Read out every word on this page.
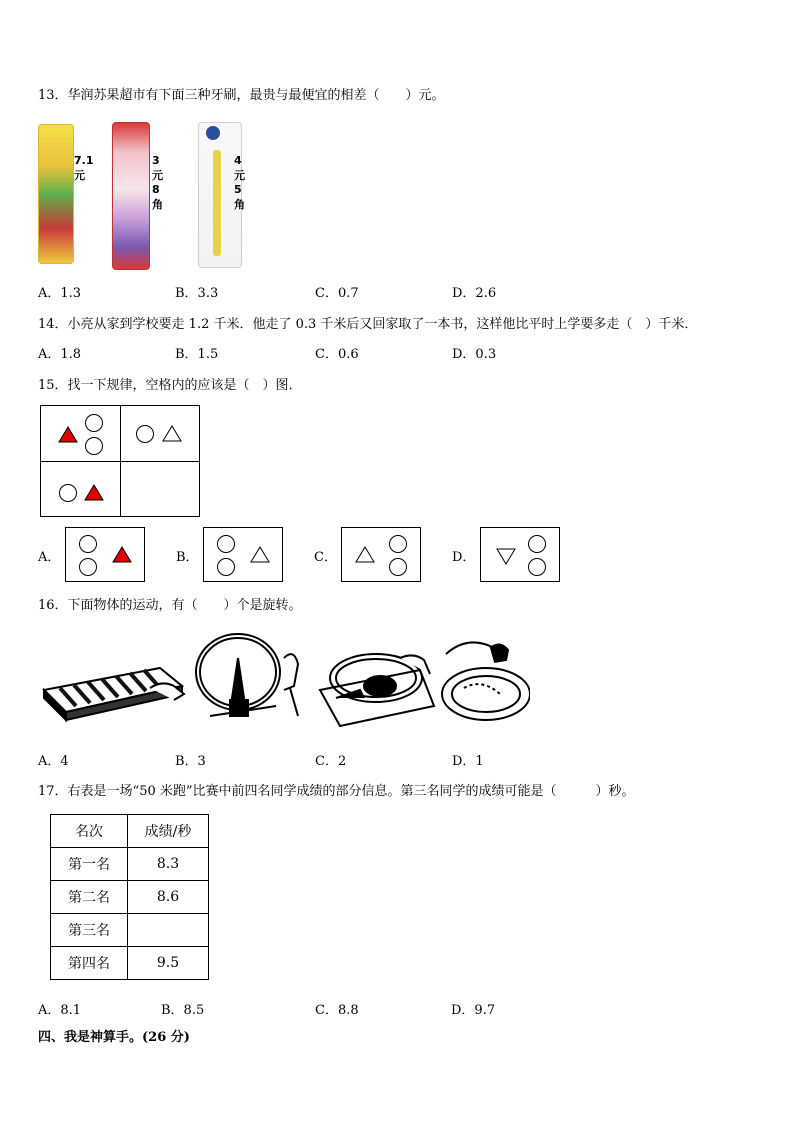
13．华润苏果超市有下面三种牙刷，最贵与最便宜的相差（　　）元。
7.1元
3元8角
4元5角
A．1.3	B．3.3	C．0.7	D．2.6
14．小亮从家到学校要走 1.2 千米．他走了 0.3 千米后又回家取了一本书，这样他比平时上学要多走（　）千米．
A．1.8	B．1.5	C．0.6	D．0.3
15．找一下规律，空格内的应该是（　）图．
A．	B．	C．	D．
16．下面物体的运动，有（　　）个是旋转。
A．4	B．3	C．2	D．1
17．右表是一场“50 米跑”比赛中前四名同学成绩的部分信息。第三名同学的成绩可能是（　　　）秒。
名次	成绩/秒
第一名	8.3
第二名	8.6
第三名	
第四名	9.5
A．8.1	B．8.5	C．8.8	D．9.7
四、我是神算手。(26 分)
